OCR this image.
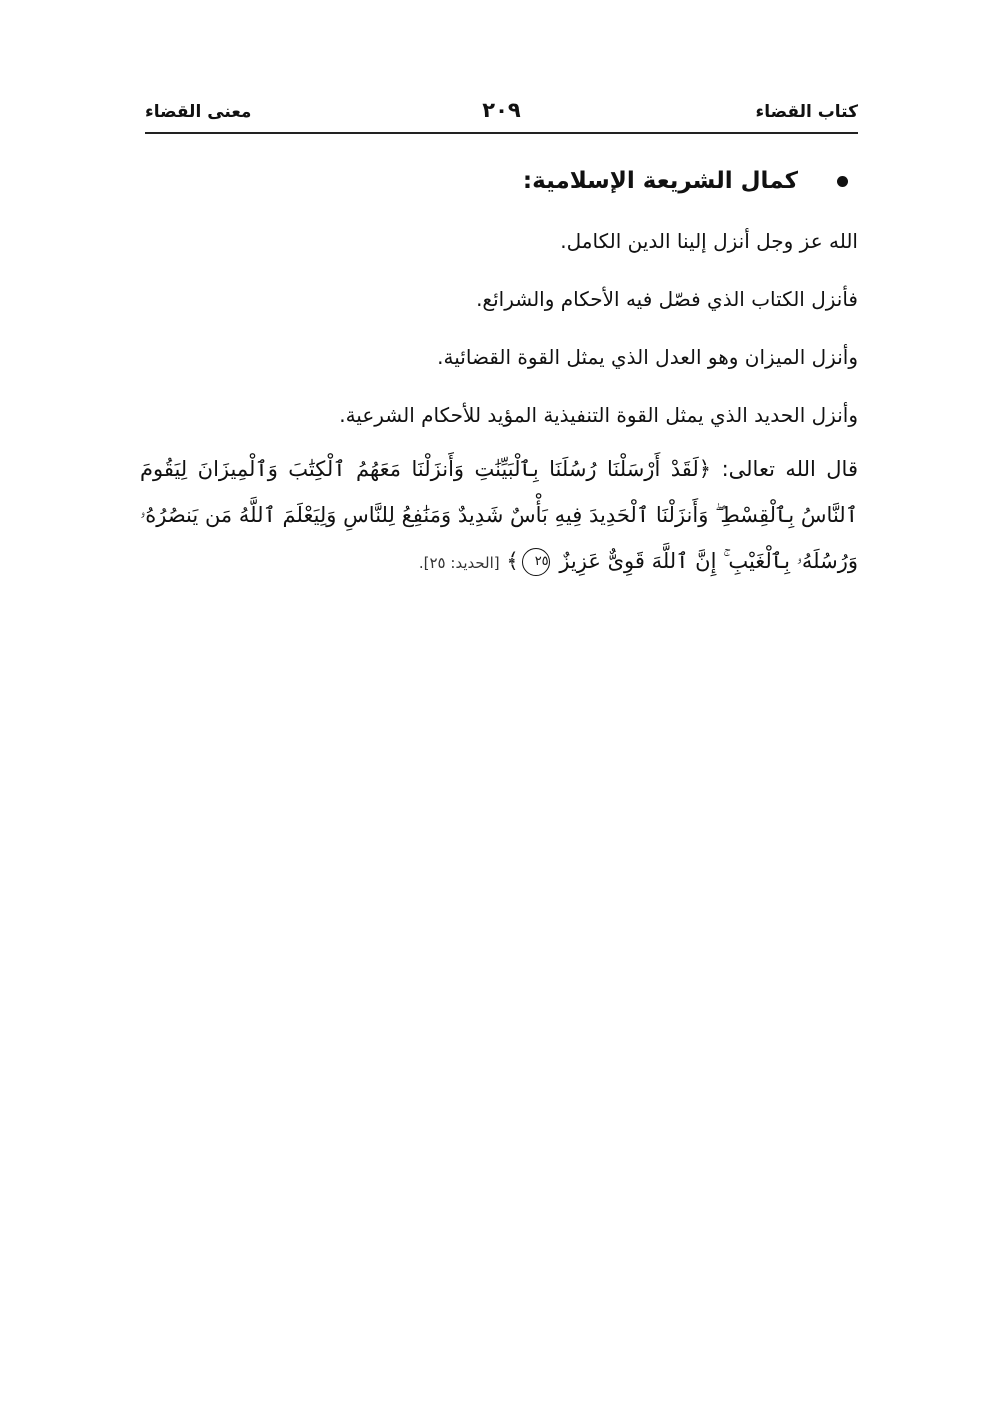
كتاب القضاء
٢٠٩
معنى القضاء
كمال الشريعة الإسلامية:
الله عز وجل أنزل إلينا الدين الكامل.
فأنزل الكتاب الذي فصّل فيه الأحكام والشرائع.
وأنزل الميزان وهو العدل الذي يمثل القوة القضائية.
وأنزل الحديد الذي يمثل القوة التنفيذية المؤيد للأحكام الشرعية.
قال الله تعالى: ﴿لَقَدْ أَرْسَلْنَا رُسُلَنَا بِٱلْبَيِّنَٰتِ وَأَنزَلْنَا مَعَهُمُ ٱلْكِتَٰبَ وَٱلْمِيزَانَ لِيَقُومَ ٱلنَّاسُ بِٱلْقِسْطِ ۖ وَأَنزَلْنَا ٱلْحَدِيدَ فِيهِ بَأْسٌ شَدِيدٌ وَمَنَٰفِعُ لِلنَّاسِ وَلِيَعْلَمَ ٱللَّهُ مَن يَنصُرُهُۥ وَرُسُلَهُۥ بِٱلْغَيْبِ ۚ إِنَّ ٱللَّهَ قَوِىٌّ عَزِيزٌ ٢٥﴾ [الحديد: ٢٥].
